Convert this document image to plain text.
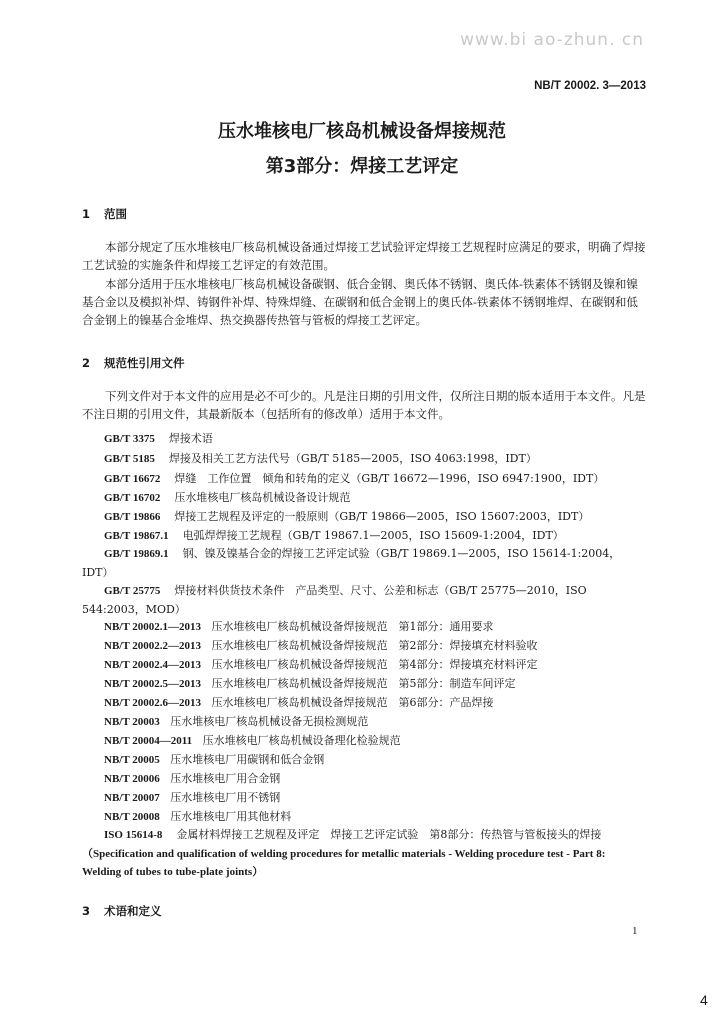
www.bi ao-zhun. cn
NB/T 20002. 3—2013
压水堆核电厂核岛机械设备焊接规范
第3部分：焊接工艺评定
1 范围
本部分规定了压水堆核电厂核岛机械设备通过焊接工艺试验评定焊接工艺规程时应满足的要求，明确了焊接工艺试验的实施条件和焊接工艺评定的有效范围。
本部分适用于压水堆核电厂核岛机械设备碳钢、低合金钢、奥氏体不锈钢、奥氏体-铁素体不锈钢及镍和镍基合金以及模拟补焊、铸钢件补焊、特殊焊缝、在碳钢和低合金钢上的奥氏体-铁素体不锈钢堆焊、在碳钢和低合金钢上的镍基合金堆焊、热交换器传热管与管板的焊接工艺评定。
2 规范性引用文件
下列文件对于本文件的应用是必不可少的。凡是注日期的引用文件，仅所注日期的版本适用于本文件。凡是不注日期的引用文件，其最新版本（包括所有的修改单）适用于本文件。
GB/T 3375 焊接术语
GB/T 5185 焊接及相关工艺方法代号（GB/T 5185—2005，ISO 4063:1998，IDT）
GB/T 16672 焊缝　工作位置　倾角和转角的定义（GB/T 16672—1996，ISO 6947:1900，IDT）
GB/T 16702 压水堆核电厂核岛机械设备设计规范
GB/T 19866 焊接工艺规程及评定的一般原则（GB/T 19866—2005，ISO 15607:2003，IDT）
GB/T 19867.1 电弧焊焊接工艺规程（GB/T 19867.1—2005，ISO 15609-1:2004，IDT）
GB/T 19869.1 钢、镍及镍基合金的焊接工艺评定试验（GB/T 19869.1—2005，ISO 15614-1:2004，IDT）
GB/T 25775 焊接材料供货技术条件　产品类型、尺寸、公差和标志（GB/T 25775—2010，ISO 544:2003，MOD）
NB/T 20002.1—2013 压水堆核电厂核岛机械设备焊接规范　第1部分：通用要求
NB/T 20002.2—2013 压水堆核电厂核岛机械设备焊接规范　第2部分：焊接填充材料验收
NB/T 20002.4—2013 压水堆核电厂核岛机械设备焊接规范　第4部分：焊接填充材料评定
NB/T 20002.5—2013 压水堆核电厂核岛机械设备焊接规范　第5部分：制造车间评定
NB/T 20002.6—2013 压水堆核电厂核岛机械设备焊接规范　第6部分：产品焊接
NB/T 20003 压水堆核电厂核岛机械设备无损检测规范
NB/T 20004—2011 压水堆核电厂核岛机械设备理化检验规范
NB/T 20005 压水堆核电厂用碳钢和低合金钢
NB/T 20006 压水堆核电厂用合金钢
NB/T 20007 压水堆核电厂用不锈钢
NB/T 20008 压水堆核电厂用其他材料
ISO 15614-8 金属材料焊接工艺规程及评定　焊接工艺评定试验　第8部分：传热管与管板接头的焊接（Specification and qualification of welding procedures for metallic materials - Welding procedure test - Part 8: Welding of tubes to tube-plate joints）
3 术语和定义
1
4
